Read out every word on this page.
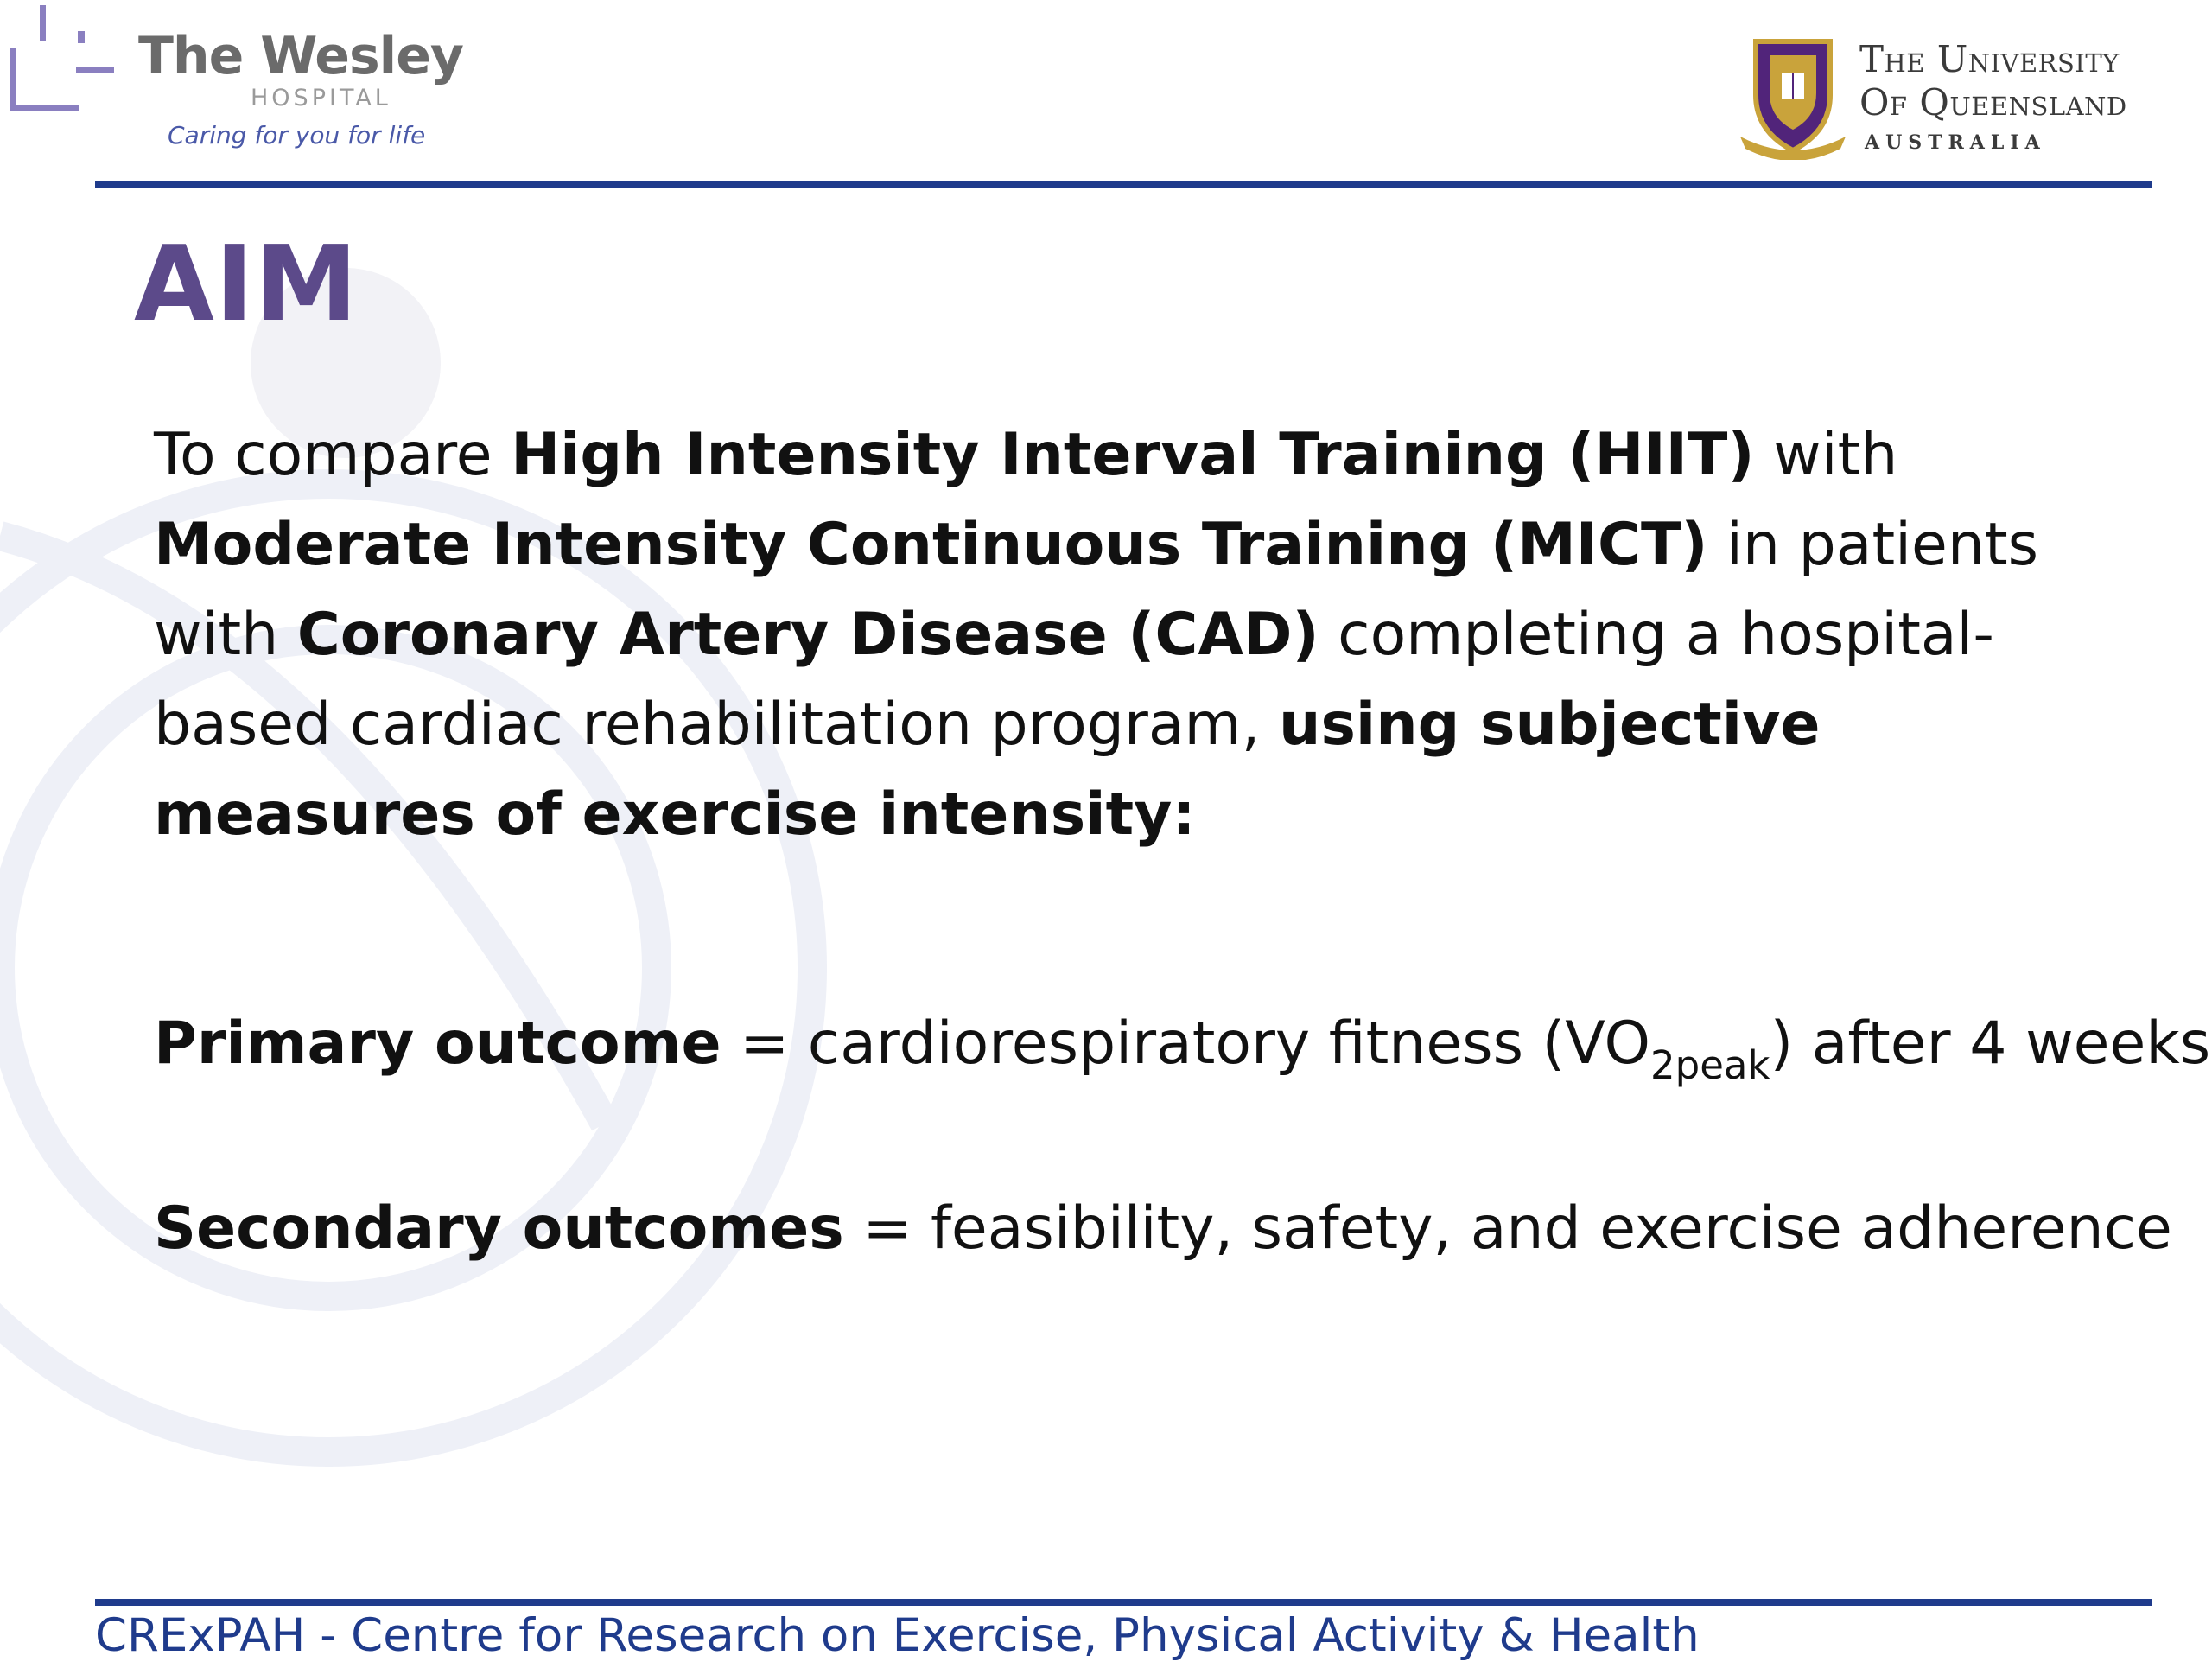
The Wesley
HOSPITAL
Caring for you for life
The University
Of Queensland
AUSTRALIA
AIM
To compare High Intensity Interval Training (HIIT) with Moderate Intensity Continuous Training (MICT) in patients with Coronary Artery Disease (CAD) completing a hospital-based cardiac rehabilitation program, using subjective measures of exercise intensity:
Primary outcome = cardiorespiratory fitness $(VO_{2peak})$ after 4 weeks
Secondary outcomes = feasibility, safety, and exercise adherence
CRExPAH - Centre for Research on Exercise, Physical Activity & Health
